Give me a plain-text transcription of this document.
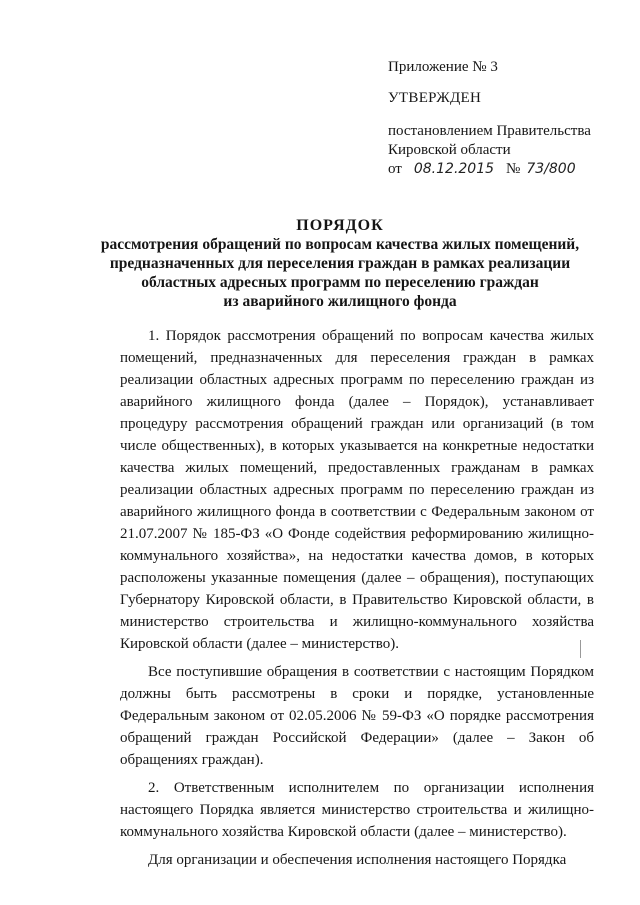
Приложение № 3

УТВЕРЖДЕН

постановлением Правительства

Кировской области

от 08.12.2015 № 73/800

ПОРЯДОК
рассмотрения обращений по вопросам качества жилых помещений,
предназначенных для переселения граждан в рамках реализации
областных адресных программ по переселению граждан
из аварийного жилищного фонда

1. Порядок рассмотрения обращений по вопросам качества жилых помещений, предназначенных для переселения граждан в рамках реализации областных адресных программ по переселению граждан из аварийного жилищного фонда (далее – Порядок), устанавливает процедуру рассмотрения обращений граждан или организаций (в том числе общественных), в которых указывается на конкретные недостатки качества жилых помещений, предоставленных гражданам в рамках реализации областных адресных программ по переселению граждан из аварийного жилищного фонда в соответствии с Федеральным законом от 21.07.2007 № 185-ФЗ «О Фонде содействия реформированию жилищно-коммунального хозяйства», на недостатки качества домов, в которых расположены указанные помещения (далее – обращения), поступающих Губернатору Кировской области, в Правительство Кировской области, в министерство строительства и жилищно-коммунального хозяйства Кировской области (далее – министерство).

Все поступившие обращения в соответствии с настоящим Порядком должны быть рассмотрены в сроки и порядке, установленные Федеральным законом от 02.05.2006 № 59-ФЗ «О порядке рассмотрения обращений граждан Российской Федерации» (далее – Закон об обращениях граждан).

2. Ответственным исполнителем по организации исполнения настоящего Порядка является министерство строительства и жилищно-коммунального хозяйства Кировской области (далее – министерство).

Для организации и обеспечения исполнения настоящего Порядка
